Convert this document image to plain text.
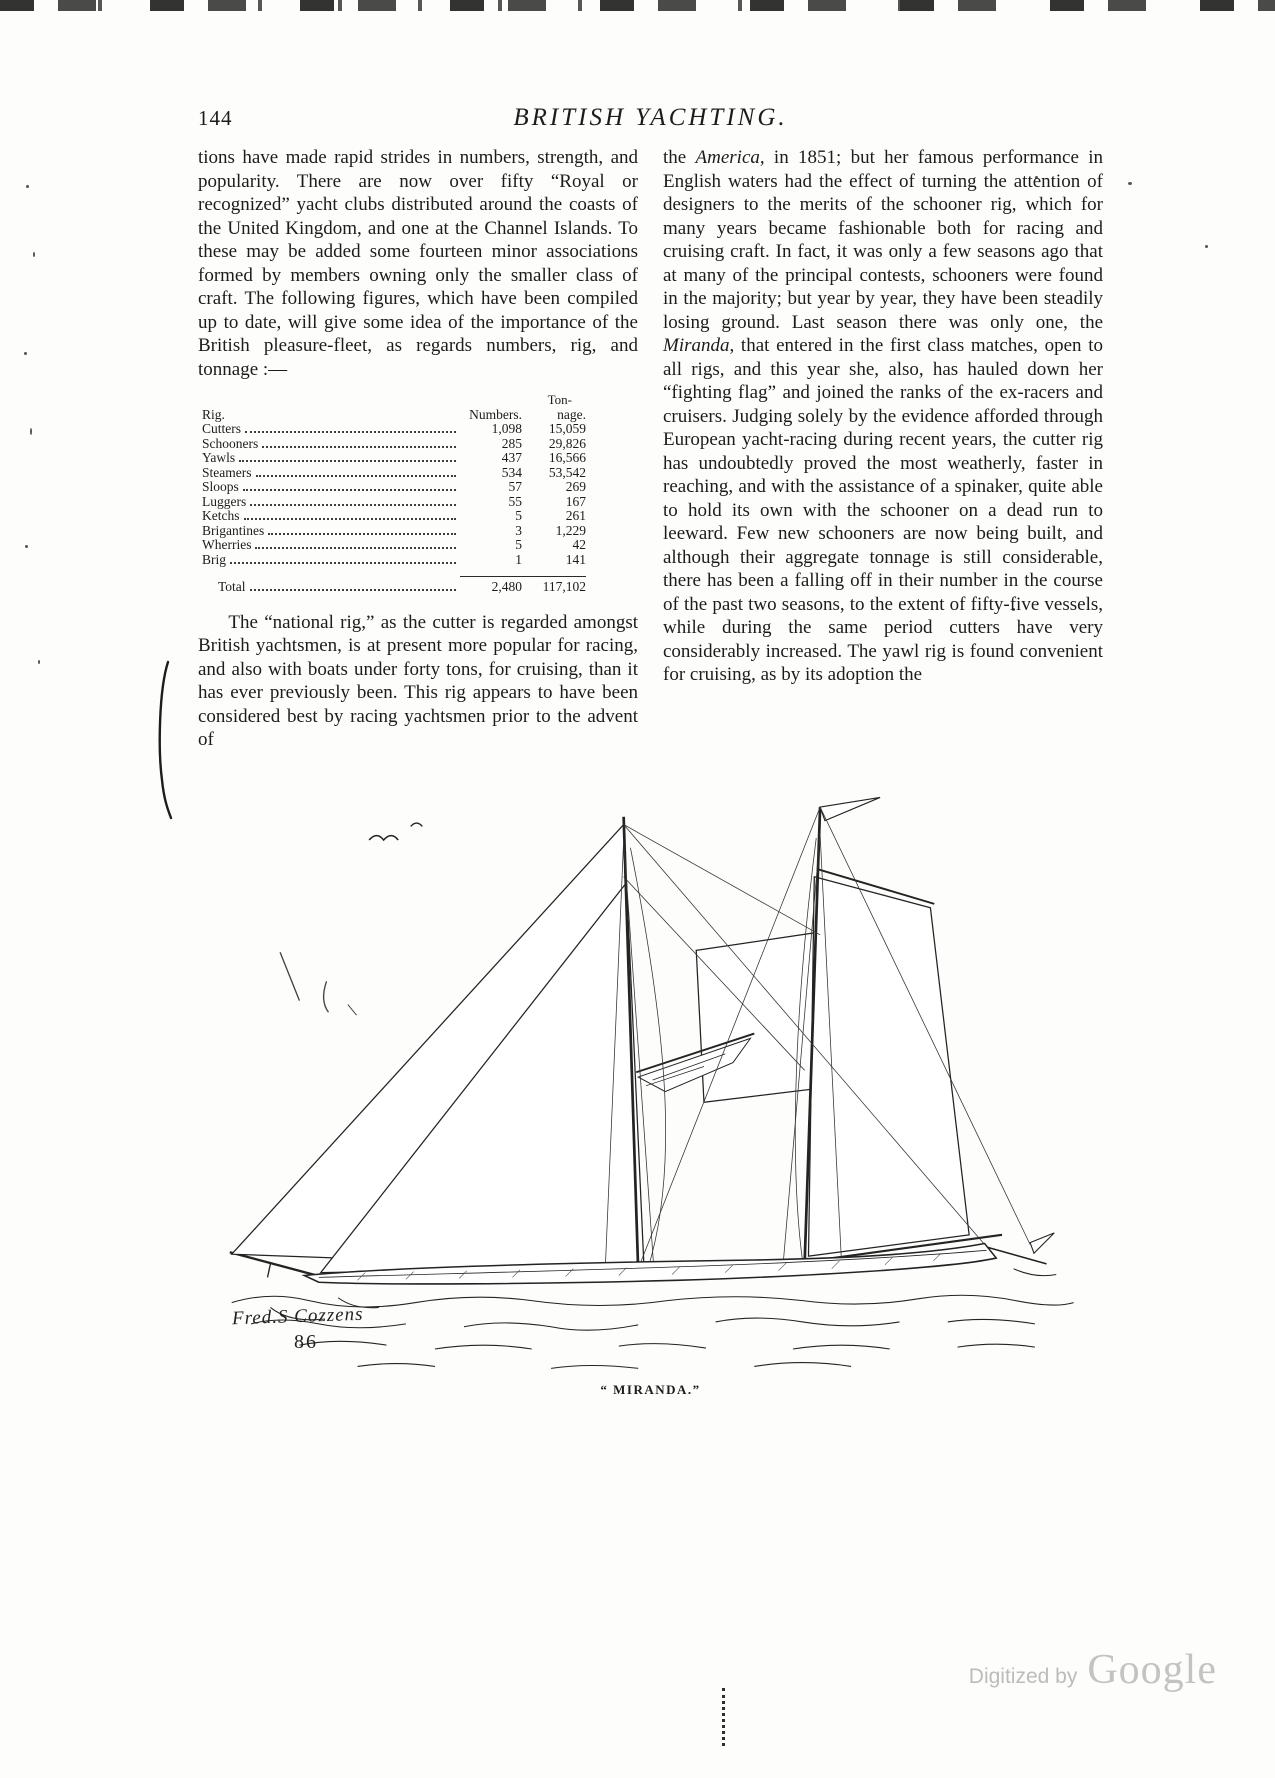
144	BRITISH YACHTING.

tions have made rapid strides in numbers, strength, and popularity. There are now over fifty “Royal or recognized” yacht clubs distributed around the coasts of the United Kingdom, and one at the Channel Islands. To these may be added some fourteen minor associations formed by members owning only the smaller class of craft. The following figures, which have been compiled up to date, will give some idea of the importance of the British pleasure-fleet, as regards numbers, rig, and tonnage :—

Ton-
Rig.	Numbers.	nage.
Cutters	1,098	15,059
Schooners	285	29,826
Yawls	437	16,566
Steamers	534	53,542
Sloops	57	269
Luggers	55	167
Ketchs	5	261
Brigantines	3	1,229
Wherries	5	42
Brig	1	141
Total	2,480	117,102

The “national rig,” as the cutter is regarded amongst British yachtsmen, is at present more popular for racing, and also with boats under forty tons, for cruising, than it has ever previously been. This rig appears to have been considered best by racing yachtsmen prior to the advent of

the America, in 1851; but her famous performance in English waters had the effect of turning the attention of designers to the merits of the schooner rig, which for many years became fashionable both for racing and cruising craft. In fact, it was only a few seasons ago that at many of the principal contests, schooners were found in the majority; but year by year, they have been steadily losing ground. Last season there was only one, the Miranda, that entered in the first class matches, open to all rigs, and this year she, also, has hauled down her “fighting flag” and joined the ranks of the ex-racers and cruisers. Judging solely by the evidence afforded through European yacht-racing during recent years, the cutter rig has undoubtedly proved the most weatherly, faster in reaching, and with the assistance of a spinaker, quite able to hold its own with the schooner on a dead run to leeward. Few new schooners are now being built, and although their aggregate tonnage is still considerable, there has been a falling off in their number in the course of the past two seasons, to the extent of fifty-five vessels, while during the same period cutters have very considerably increased. The yawl rig is found convenient for cruising, as by its adoption the

Fred.S Cozzens
86
“ MIRANDA.”
Digitized by Google
